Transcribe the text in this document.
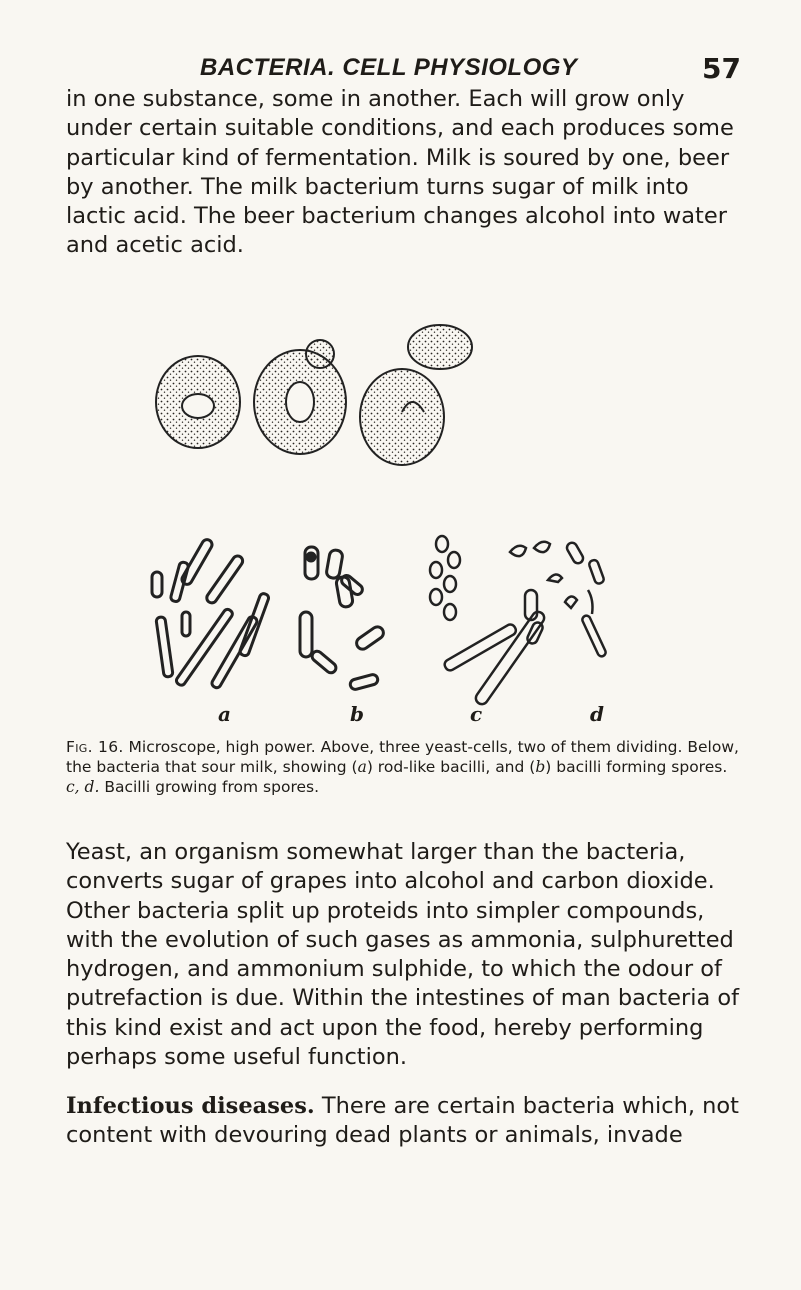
BACTERIA. CELL PHYSIOLOGY	57

in one substance, some in another. Each will grow only under certain suitable conditions, and each produces some particular kind of fermentation. Milk is soured by one, beer by another. The milk bacterium turns sugar of milk into lactic acid. The beer bacterium changes alcohol into water and acetic acid.

a	b	c	d

Fig. 16. Microscope, high power. Above, three yeast-cells, two of them dividing. Below, the bacteria that sour milk, showing (a) rod-like bacilli, and (b) bacilli forming spores. c, d. Bacilli growing from spores.

Yeast, an organism somewhat larger than the bacteria, converts sugar of grapes into alcohol and carbon dioxide. Other bacteria split up proteids into simpler compounds, with the evolution of such gases as ammonia, sulphuretted hydrogen, and ammonium sulphide, to which the odour of putrefaction is due. Within the intestines of man bacteria of this kind exist and act upon the food, hereby performing perhaps some useful function.

Infectious diseases. There are certain bacteria which, not content with devouring dead plants or animals, invade
